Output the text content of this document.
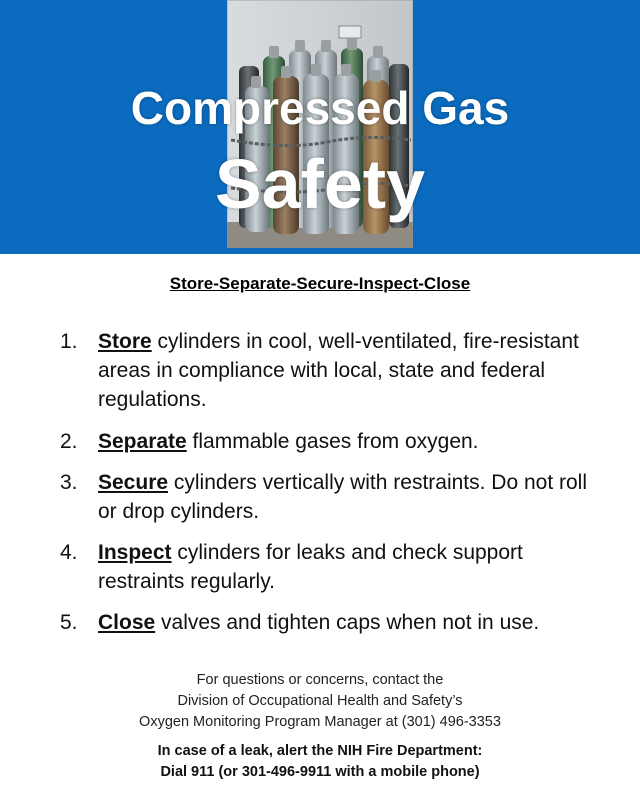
Compressed Gas
Safety
Store-Separate-Secure-Inspect-Close
1. Store cylinders in cool, well-ventilated, fire-resistant areas in compliance with local, state and federal regulations.
2. Separate flammable gases from oxygen.
3. Secure cylinders vertically with restraints. Do not roll or drop cylinders.
4. Inspect cylinders for leaks and check support restraints regularly.
5. Close valves and tighten caps when not in use.
For questions or concerns, contact the
Division of Occupational Health and Safety’s
Oxygen Monitoring Program Manager at (301) 496-3353
In case of a leak, alert the NIH Fire Department:
Dial 911 (or 301-496-9911 with a mobile phone)
